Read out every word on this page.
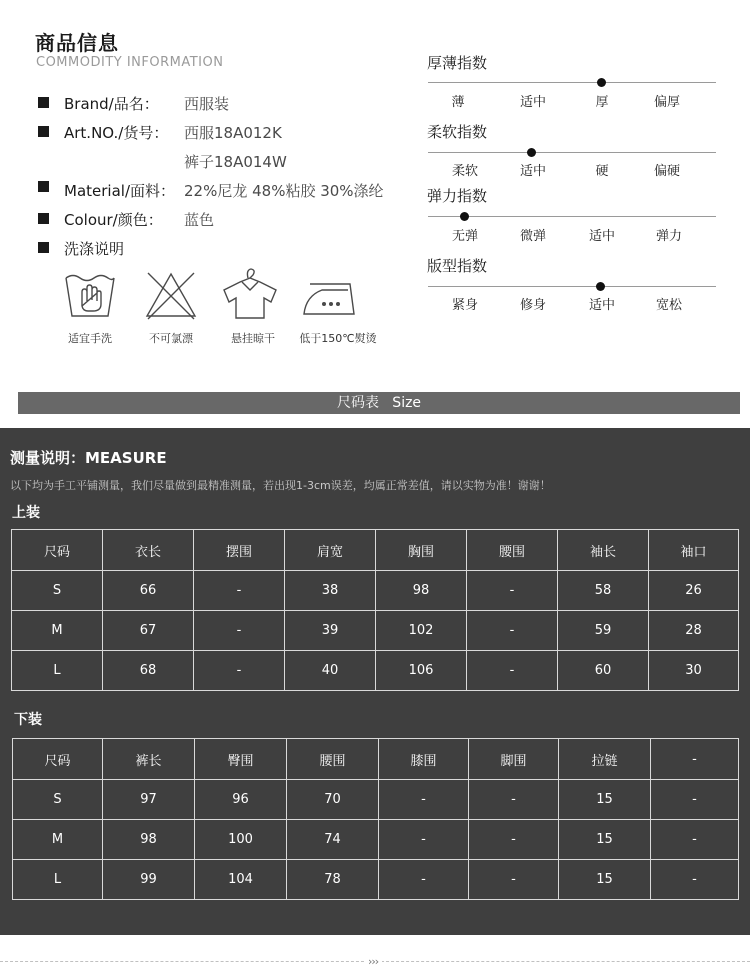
商品信息
COMMODITY INFORMATION
Brand/品名： 西服装
Art.NO./货号： 西服18A012K
裤子18A014W
Material/面料： 22%尼龙 48%粘胶 30%涤纶
Colour/颜色： 蓝色
洗涤说明
适宜手洗	不可氯漂	悬挂晾干	低于150℃熨烫
厚薄指数
薄	适中	厚	偏厚
柔软指数
柔软	适中	硬	偏硬
弹力指数
无弹	微弹	适中	弹力
版型指数
紧身	修身	适中	宽松
尺码表   Size
测量说明：MEASURE
以下均为手工平铺测量，我们尽量做到最精准测量，若出现1-3cm误差，均属正常差值，请以实物为准！谢谢！
上装
尺码	衣长	摆围	肩宽	胸围	腰围	袖长	袖口
S	66	-	38	98	-	58	26
M	67	-	39	102	-	59	28
L	68	-	40	106	-	60	30
下装
尺码	裤长	臀围	腰围	膝围	脚围	拉链	-
S	97	96	70	-	-	15	-
M	98	100	74	-	-	15	-
L	99	104	78	-	-	15	-
›››
